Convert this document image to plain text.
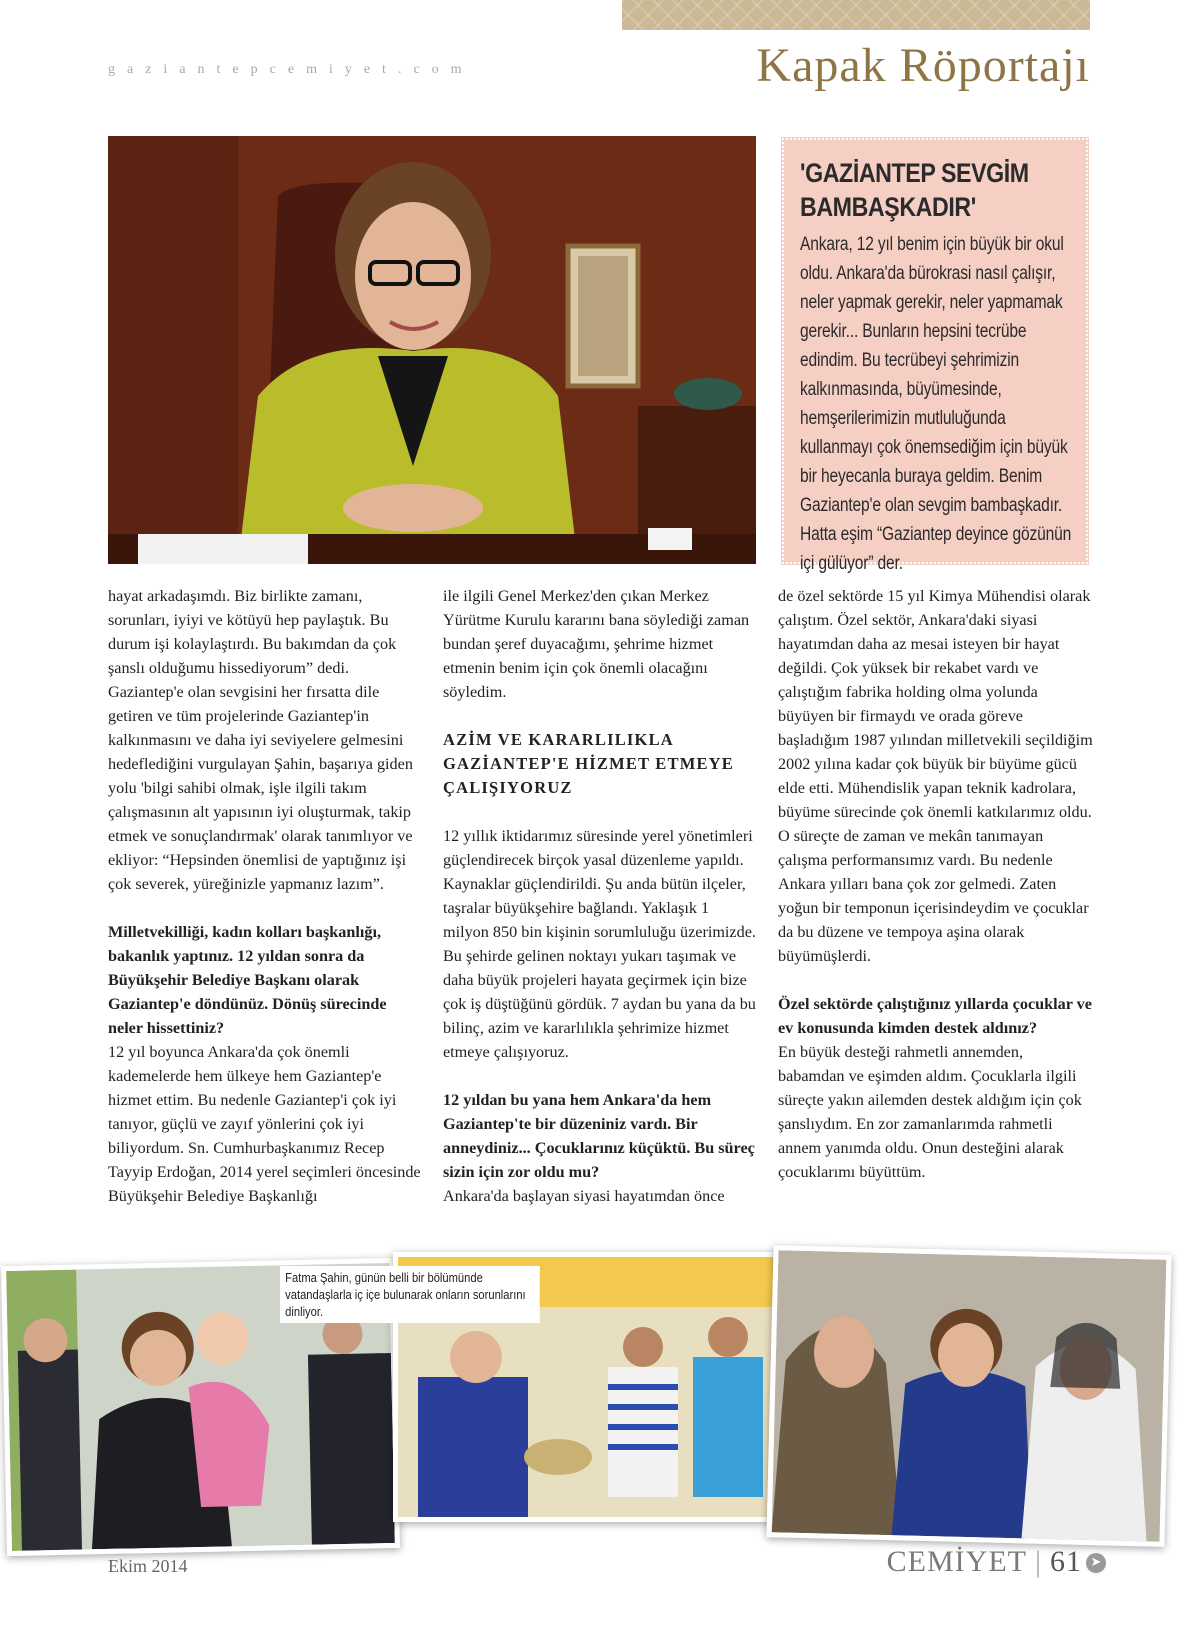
gaziantepcemiyet.com	Kapak Röportajı
'GAZİANTEP SEVGİM BAMBAŞKADIR'

Ankara, 12 yıl benim için büyük bir okul oldu. Ankara'da bürokrasi nasıl çalışır, neler yapmak gerekir, neler yapmamak gerekir... Bunların hepsini tecrübe edindim. Bu tecrübeyi şehrimizin kalkınmasında, büyümesinde, hemşerilerimizin mutluluğunda kullanmayı çok önemsediğim için büyük bir heyecanla buraya geldim. Benim Gaziantep'e olan sevgim bambaşkadır. Hatta eşim “Gaziantep deyince gözünün içi gülüyor” der.

hayat arkadaşımdı. Biz birlikte zamanı, sorunları, iyiyi ve kötüyü hep paylaştık. Bu durum işi kolaylaştırdı. Bu bakımdan da çok şanslı olduğumu hissediyorum” dedi. Gaziantep'e olan sevgisini her fırsatta dile getiren ve tüm projelerinde Gaziantep'in kalkınmasını ve daha iyi seviyelere gelmesini hedeflediğini vurgulayan Şahin, başarıya giden yolu 'bilgi sahibi olmak, işle ilgili takım çalışmasının alt yapısının iyi oluşturmak, takip etmek ve sonuçlandırmak' olarak tanımlıyor ve ekliyor: “Hepsinden önemlisi de yaptığınız işi çok severek, yüreğinizle yapmanız lazım”.

Milletvekilliği, kadın kolları başkanlığı, bakanlık yaptınız. 12 yıldan sonra da Büyükşehir Belediye Başkanı olarak Gaziantep'e döndünüz. Dönüş sürecinde neler hissettiniz?

12 yıl boyunca Ankara'da çok önemli kademelerde hem ülkeye hem Gaziantep'e hizmet ettim. Bu nedenle Gaziantep'i çok iyi tanıyor, güçlü ve zayıf yönlerini çok iyi biliyordum. Sn. Cumhurbaşkanımız Recep Tayyip Erdoğan, 2014 yerel seçimleri öncesinde Büyükşehir Belediye Başkanlığı

ile ilgili Genel Merkez'den çıkan Merkez Yürütme Kurulu kararını bana söylediği zaman bundan şeref duyacağımı, şehrime hizmet etmenin benim için çok önemli olacağını söyledim.

AZİM VE KARARLILIKLA GAZİANTEP'E HİZMET ETMEYE ÇALIŞIYORUZ

12 yıllık iktidarımız süresinde yerel yönetimleri güçlendirecek birçok yasal düzenleme yapıldı. Kaynaklar güçlendirildi. Şu anda bütün ilçeler, taşralar büyükşehire bağlandı. Yaklaşık 1 milyon 850 bin kişinin sorumluluğu üzerimizde. Bu şehirde gelinen noktayı yukarı taşımak ve daha büyük projeleri hayata geçirmek için bize çok iş düştüğünü gördük. 7 aydan bu yana da bu bilinç, azim ve kararlılıkla şehrimize hizmet etmeye çalışıyoruz.

12 yıldan bu yana hem Ankara'da hem Gaziantep'te bir düzeniniz vardı. Bir anneydiniz... Çocuklarınız küçüktü. Bu süreç sizin için zor oldu mu?

Ankara'da başlayan siyasi hayatımdan önce

de özel sektörde 15 yıl Kimya Mühendisi olarak çalıştım. Özel sektör, Ankara'daki siyasi hayatımdan daha az mesai isteyen bir hayat değildi. Çok yüksek bir rekabet vardı ve çalıştığım fabrika holding olma yolunda büyüyen bir firmaydı ve orada göreve başladığım 1987 yılından milletvekili seçildiğim 2002 yılına kadar çok büyük bir büyüme gücü elde etti. Mühendislik yapan teknik kadrolara, büyüme sürecinde çok önemli katkılarımız oldu. O süreçte de zaman ve mekân tanımayan çalışma performansımız vardı. Bu nedenle Ankara yılları bana çok zor gelmedi. Zaten yoğun bir temponun içerisindeydim ve çocuklar da bu düzene ve tempoya aşina olarak büyümüşlerdi.

Özel sektörde çalıştığınız yıllarda çocuklar ve ev konusunda kimden destek aldınız?

En büyük desteği rahmetli annemden, babamdan ve eşimden aldım. Çocuklarla ilgili süreçte yakın ailemden destek aldığım için çok şanslıydım. En zor zamanlarımda rahmetli annem yanımda oldu. Onun desteğini alarak çocuklarımı büyüttüm.

Fatma Şahin, günün belli bir bölümünde vatandaşlarla iç içe bulunarak onların sorunlarını dinliyor.
Ekim 2014	CEMİYET | 61 ➤
